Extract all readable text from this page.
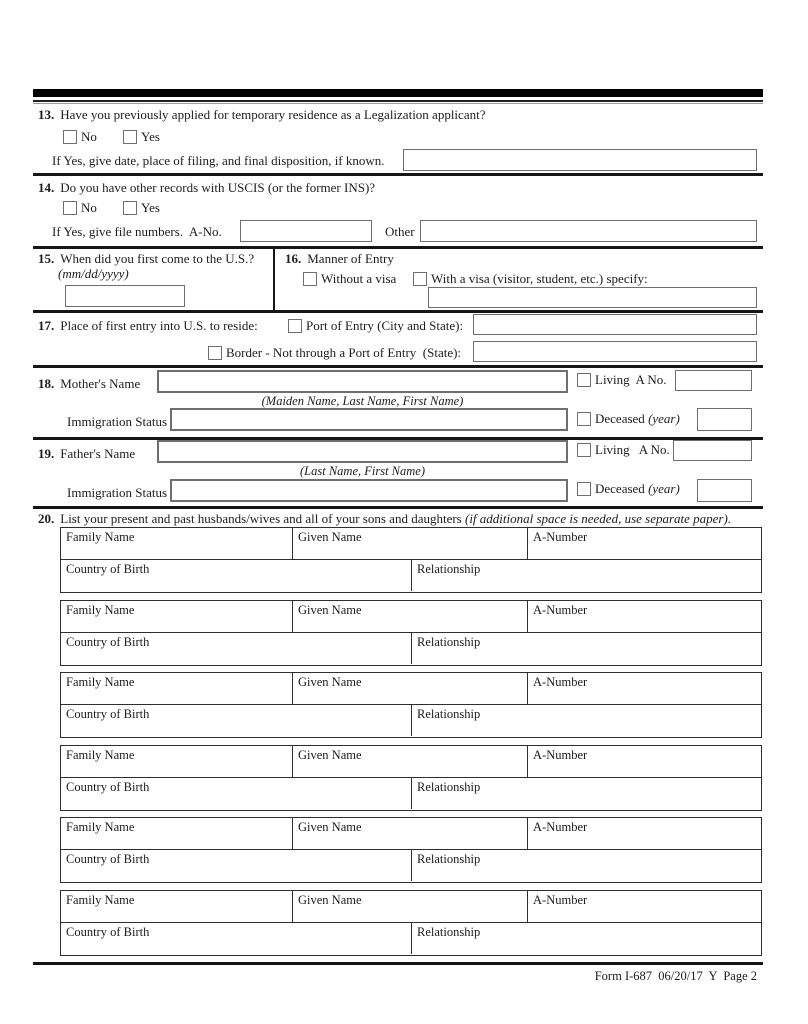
13. Have you previously applied for temporary residence as a Legalization applicant?
No	Yes
If Yes, give date, place of filing, and final disposition, if known.
14. Do you have other records with USCIS (or the former INS)?
No	Yes
If Yes, give file numbers.  A-No.	Other
15. When did you first come to the U.S.?
(mm/dd/yyyy)
16. Manner of Entry
Without a visa	With a visa (visitor, student, etc.) specify:
17. Place of first entry into U.S. to reside:	Port of Entry (City and State):
Border - Not through a Port of Entry  (State):
18. Mother's Name
(Maiden Name, Last Name, First Name)
Living  A No.
Immigration Status	Deceased (year)
19. Father's Name
(Last Name, First Name)
Living   A No.
Immigration Status	Deceased (year)
20. List your present and past husbands/wives and all of your sons and daughters (if additional space is needed, use separate paper).
Family Name	Given Name	A-Number
Country of Birth	Relationship
Family Name	Given Name	A-Number
Country of Birth	Relationship
Family Name	Given Name	A-Number
Country of Birth	Relationship
Family Name	Given Name	A-Number
Country of Birth	Relationship
Family Name	Given Name	A-Number
Country of Birth	Relationship
Family Name	Given Name	A-Number
Country of Birth	Relationship
Form I-687  06/20/17  Y  Page 2
